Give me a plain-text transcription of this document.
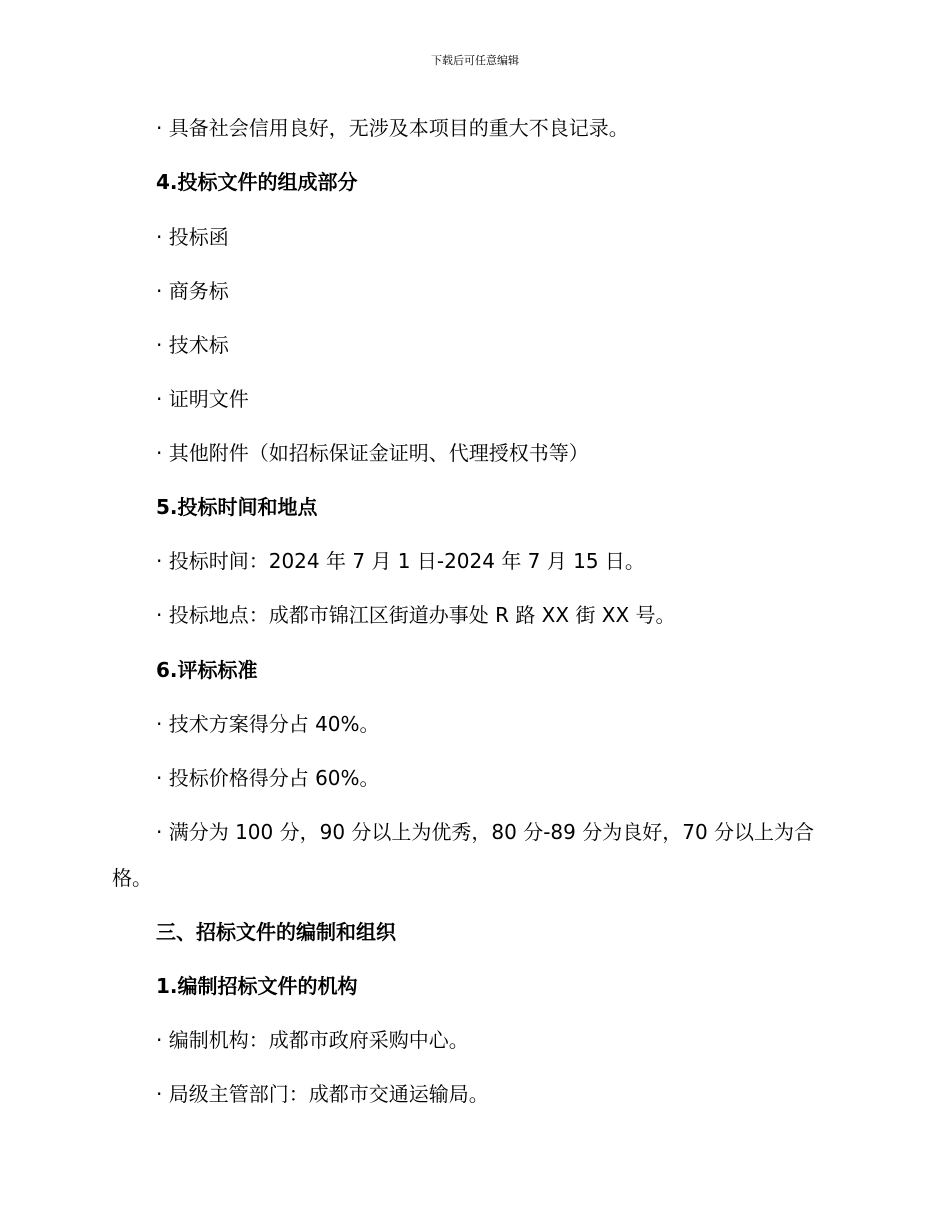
下载后可任意编辑
· 具备社会信用良好，无涉及本项目的重大不良记录。
4.投标文件的组成部分
· 投标函
· 商务标
· 技术标
· 证明文件
· 其他附件（如招标保证金证明、代理授权书等）
5.投标时间和地点
· 投标时间：2024 年 7 月 1 日-2024 年 7 月 15 日。
· 投标地点：成都市锦江区街道办事处 R 路 XX 街 XX 号。
6.评标标准
· 技术方案得分占 40%。
· 投标价格得分占 60%。
· 满分为 100 分，90 分以上为优秀，80 分-89 分为良好，70 分以上为合
格。
三、招标文件的编制和组织
1.编制招标文件的机构
· 编制机构：成都市政府采购中心。
· 局级主管部门：成都市交通运输局。
